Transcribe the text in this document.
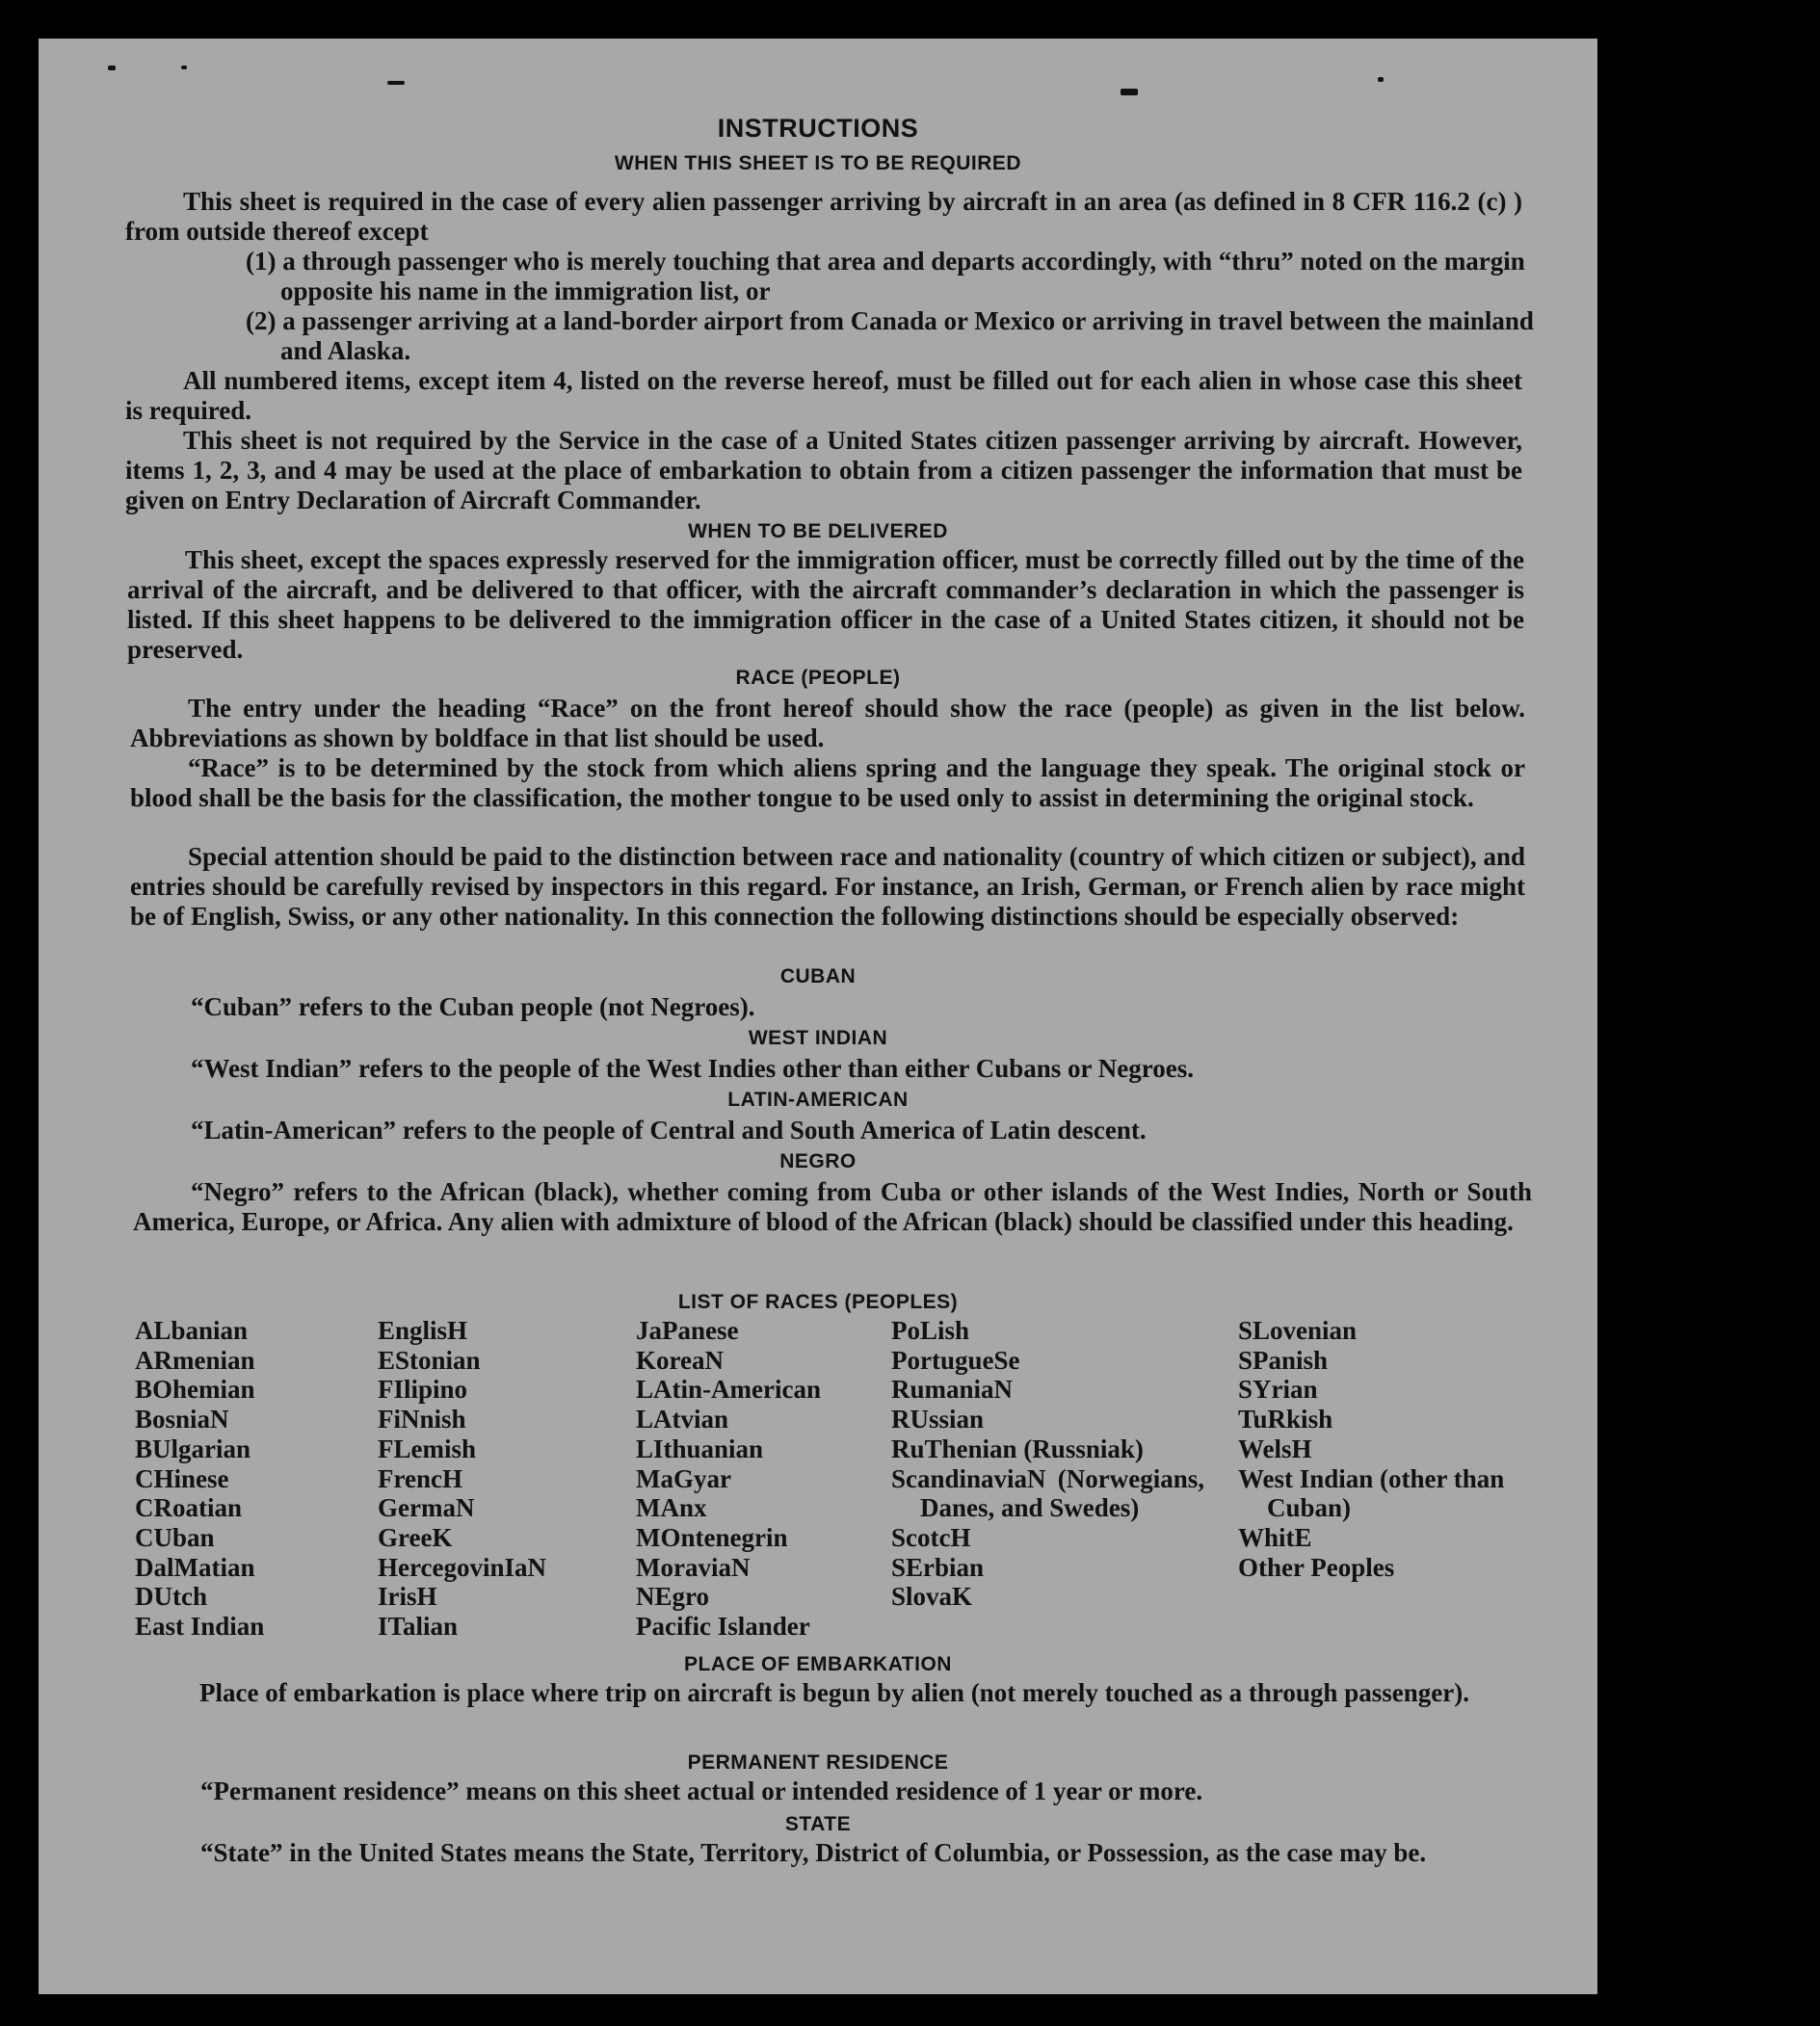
INSTRUCTIONS
WHEN THIS SHEET IS TO BE REQUIRED

This sheet is required in the case of every alien passenger arriving by aircraft in an area (as defined in 8 CFR 116.2 (c) ) from outside thereof except

(1) a through passenger who is merely touching that area and departs accordingly, with “thru” noted on the margin opposite his name in the immigration list, or

(2) a passenger arriving at a land-border airport from Canada or Mexico or arriving in travel between the mainland and Alaska.

All numbered items, except item 4, listed on the reverse hereof, must be filled out for each alien in whose case this sheet is required.

This sheet is not required by the Service in the case of a United States citizen passenger arriving by aircraft. However, items 1, 2, 3, and 4 may be used at the place of embarkation to obtain from a citizen passenger the information that must be given on Entry Declaration of Aircraft Commander.

WHEN TO BE DELIVERED

This sheet, except the spaces expressly reserved for the immigration officer, must be correctly filled out by the time of the arrival of the aircraft, and be delivered to that officer, with the aircraft commander’s declaration in which the passenger is listed. If this sheet happens to be delivered to the immigration officer in the case of a United States citizen, it should not be preserved.

RACE (PEOPLE)

The entry under the heading “Race” on the front hereof should show the race (people) as given in the list below. Abbreviations as shown by boldface in that list should be used.

“Race” is to be determined by the stock from which aliens spring and the language they speak. The original stock or blood shall be the basis for the classification, the mother tongue to be used only to assist in determining the original stock.

Special attention should be paid to the distinction between race and nationality (country of which citizen or subject), and entries should be carefully revised by inspectors in this regard. For instance, an Irish, German, or French alien by race might be of English, Swiss, or any other nationality. In this connection the following distinctions should be especially observed:

CUBAN

“Cuban” refers to the Cuban people (not Negroes).

WEST INDIAN

“West Indian” refers to the people of the West Indies other than either Cubans or Negroes.

LATIN-AMERICAN

“Latin-American” refers to the people of Central and South America of Latin descent.

NEGRO

“Negro” refers to the African (black), whether coming from Cuba or other islands of the West Indies, North or South America, Europe, or Africa. Any alien with admixture of blood of the African (black) should be classified under this heading.

LIST OF RACES (PEOPLES)
ALbanian
ARmenian
BOhemian
BosniaN
BUlgarian
CHinese
CRoatian
CUban
DalMatian
DUtch
East Indian
EnglisH
EStonian
FIlipino
FiNnish
FLemish
FrencH
GermaN
GreeK
HercegovinIaN
IrisH
ITalian
JaPanese
KoreaN
LAtin-American
LAtvian
LIthuanian
MaGyar
MAnx
MOntenegrin
MoraviaN
NEgro
Pacific Islander
PoLish
PortugueSe
RumaniaN
RUssian
RuThenian (Russniak)
ScandinaviaN (Norwegians, Danes, and Swedes)
ScotcH
SErbian
SlovaK
SLovenian
SPanish
SYrian
TuRkish
WelsH
West Indian (other than Cuban)
WhitE
Other Peoples
PLACE OF EMBARKATION

Place of embarkation is place where trip on aircraft is begun by alien (not merely touched as a through passenger).

PERMANENT RESIDENCE

“Permanent residence” means on this sheet actual or intended residence of 1 year or more.

STATE

“State” in the United States means the State, Territory, District of Columbia, or Possession, as the case may be.
